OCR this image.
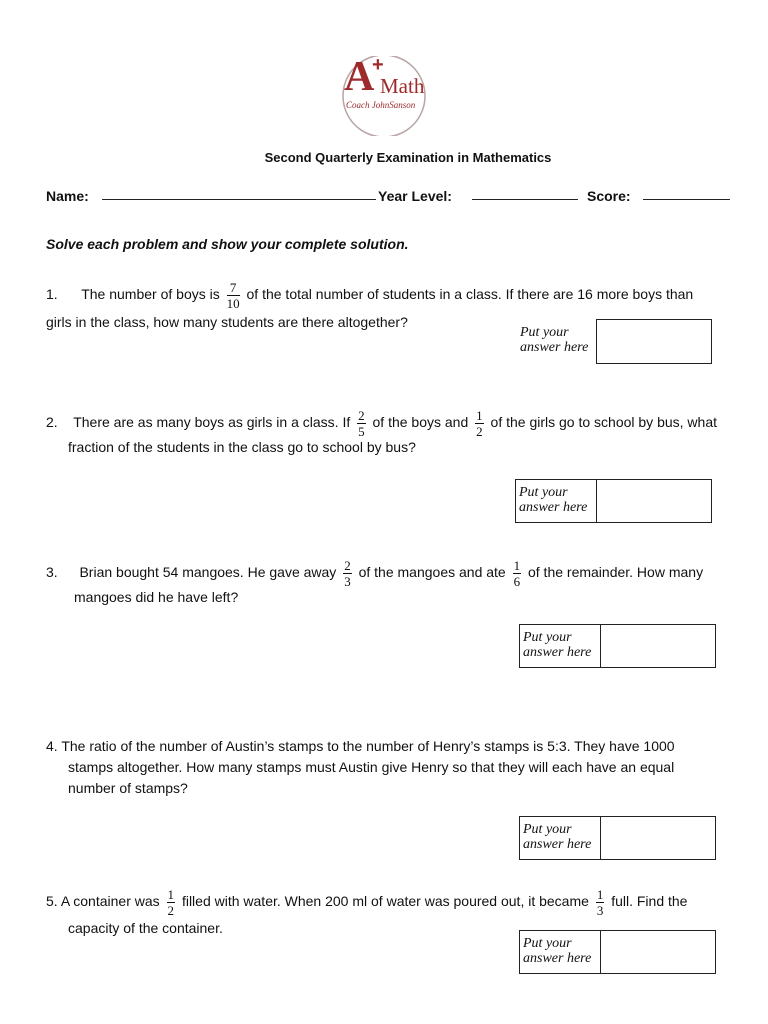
A
+
Math
Coach JohnSanson
Second Quarterly Examination in Mathematics
Name:	Year Level:	Score:
Solve each problem and show your complete solution.
1. The number of boys is $\frac{7}{10}$ of the total number of students in a class. If there are 16 more boys than
girls in the class, how many students are there altogether?
Put your
answer here
2. There are as many boys as girls in a class. If $\frac{2}{5}$ of the boys and $\frac{1}{2}$ of the girls go to school by bus, what
fraction of the students in the class go to school by bus?
Put your
answer here
3. Brian bought 54 mangoes. He gave away $\frac{2}{3}$ of the mangoes and ate $\frac{1}{6}$ of the remainder. How many
mangoes did he have left?
Put your
answer here
4. The ratio of the number of Austin’s stamps to the number of Henry’s stamps is 5:3. They have 1000
stamps altogether. How many stamps must Austin give Henry so that they will each have an equal
number of stamps?
Put your
answer here
5. A container was $\frac{1}{2}$ filled with water. When 200 ml of water was poured out, it became $\frac{1}{3}$ full. Find the
capacity of the container.
Put your
answer here
